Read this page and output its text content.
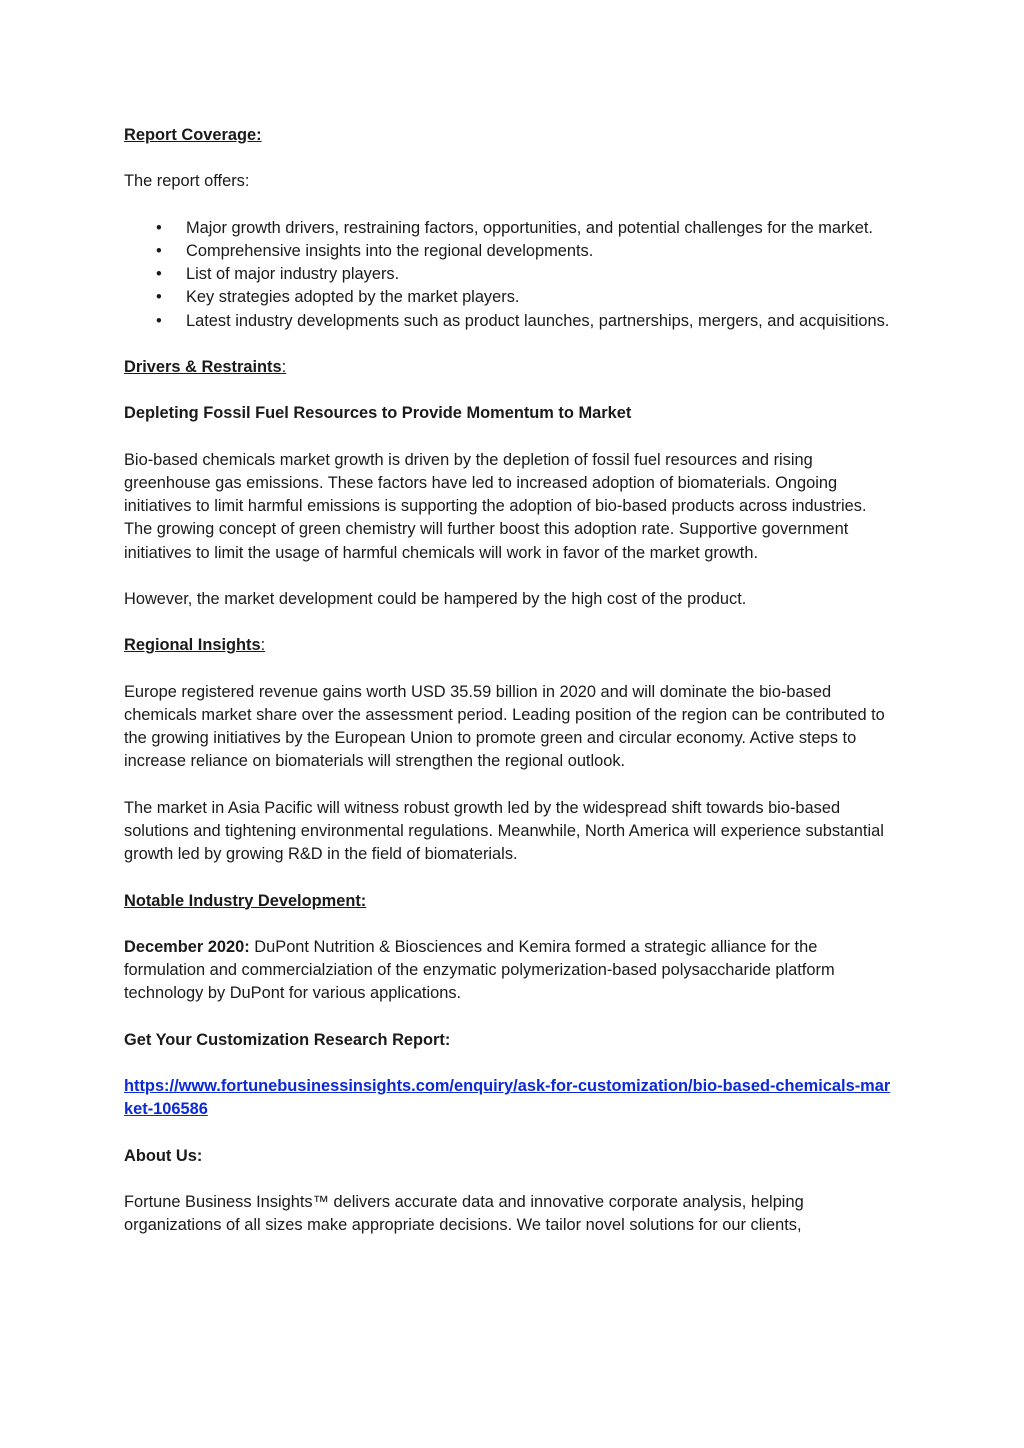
Report Coverage:

The report offers:

• Major growth drivers, restraining factors, opportunities, and potential challenges for the market.
• Comprehensive insights into the regional developments.
• List of major industry players.
• Key strategies adopted by the market players.
• Latest industry developments such as product launches, partnerships, mergers, and acquisitions.

Drivers & Restraints:

Depleting Fossil Fuel Resources to Provide Momentum to Market

Bio-based chemicals market growth is driven by the depletion of fossil fuel resources and rising greenhouse gas emissions. These factors have led to increased adoption of biomaterials. Ongoing initiatives to limit harmful emissions is supporting the adoption of bio-based products across industries. The growing concept of green chemistry will further boost this adoption rate. Supportive government initiatives to limit the usage of harmful chemicals will work in favor of the market growth.

However, the market development could be hampered by the high cost of the product.

Regional Insights:

Europe registered revenue gains worth USD 35.59 billion in 2020 and will dominate the bio-based chemicals market share over the assessment period. Leading position of the region can be contributed to the growing initiatives by the European Union to promote green and circular economy. Active steps to increase reliance on biomaterials will strengthen the regional outlook.

The market in Asia Pacific will witness robust growth led by the widespread shift towards bio-based solutions and tightening environmental regulations. Meanwhile, North America will experience substantial growth led by growing R&D in the field of biomaterials.

Notable Industry Development:

December 2020: DuPont Nutrition & Biosciences and Kemira formed a strategic alliance for the formulation and commercialziation of the enzymatic polymerization-based polysaccharide platform technology by DuPont for various applications.

Get Your Customization Research Report:

https://www.fortunebusinessinsights.com/enquiry/ask-for-customization/bio-based-chemicals-market-106586

About Us:

Fortune Business Insights™ delivers accurate data and innovative corporate analysis, helping organizations of all sizes make appropriate decisions. We tailor novel solutions for our clients,
